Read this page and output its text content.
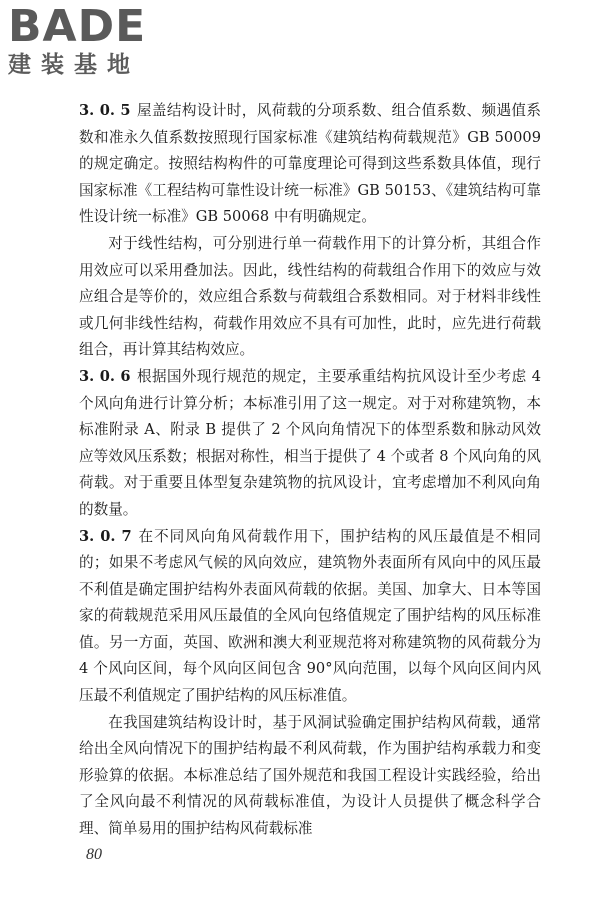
BADE
建装基地

3. 0. 5 屋盖结构设计时，风荷载的分项系数、组合值系数、频遇值系数和准永久值系数按照现行国家标准《建筑结构荷载规范》GB 50009 的规定确定。按照结构构件的可靠度理论可得到这些系数具体值，现行国家标准《工程结构可靠性设计统一标准》GB 50153、《建筑结构可靠性设计统一标准》GB 50068 中有明确规定。

对于线性结构，可分别进行单一荷载作用下的计算分析，其组合作用效应可以采用叠加法。因此，线性结构的荷载组合作用下的效应与效应组合是等价的，效应组合系数与荷载组合系数相同。对于材料非线性或几何非线性结构，荷载作用效应不具有可加性，此时，应先进行荷载组合，再计算其结构效应。

3. 0. 6 根据国外现行规范的规定，主要承重结构抗风设计至少考虑 4 个风向角进行计算分析；本标准引用了这一规定。对于对称建筑物，本标准附录 A、附录 B 提供了 2 个风向角情况下的体型系数和脉动风效应等效风压系数；根据对称性，相当于提供了 4 个或者 8 个风向角的风荷载。对于重要且体型复杂建筑物的抗风设计，宜考虑增加不利风向角的数量。

3. 0. 7 在不同风向角风荷载作用下，围护结构的风压最值是不相同的；如果不考虑风气候的风向效应，建筑物外表面所有风向中的风压最不利值是确定围护结构外表面风荷载的依据。美国、加拿大、日本等国家的荷载规范采用风压最值的全风向包络值规定了围护结构的风压标准值。另一方面，英国、欧洲和澳大利亚规范将对称建筑物的风荷载分为 4 个风向区间，每个风向区间包含 90°风向范围，以每个风向区间内风压最不利值规定了围护结构的风压标准值。

在我国建筑结构设计时，基于风洞试验确定围护结构风荷载，通常给出全风向情况下的围护结构最不利风荷载，作为围护结构承载力和变形验算的依据。本标准总结了国外规范和我国工程设计实践经验，给出了全风向最不利情况的风荷载标准值，为设计人员提供了概念科学合理、简单易用的围护结构风荷载标准

80
